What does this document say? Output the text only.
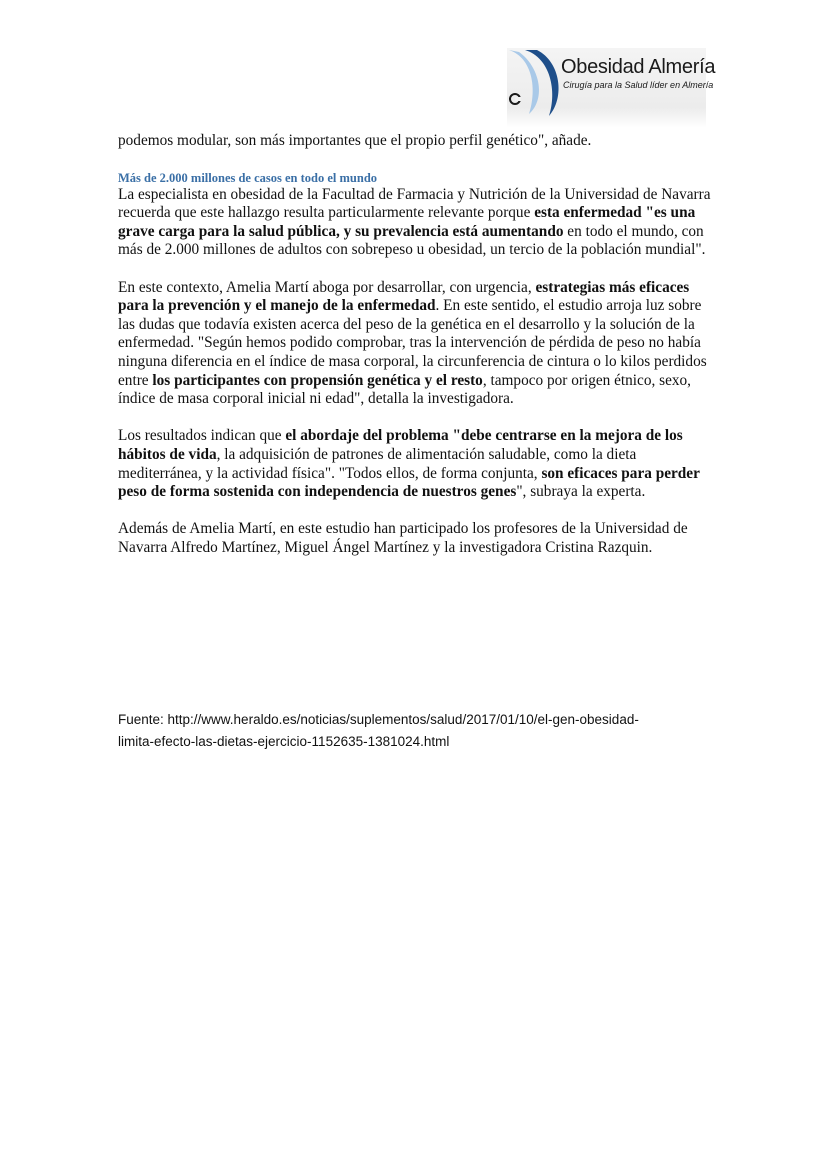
Obesidad Almería
Cirugía para la Salud líder en Almería

podemos modular, son más importantes que el propio perfil genético", añade.

Más de 2.000 millones de casos en todo el mundo

La especialista en obesidad de la Facultad de Farmacia y Nutrición de la Universidad de Navarra recuerda que este hallazgo resulta particularmente relevante porque esta enfermedad "es una grave carga para la salud pública, y su prevalencia está aumentando en todo el mundo, con más de 2.000 millones de adultos con sobrepeso u obesidad, un tercio de la población mundial".

En este contexto, Amelia Martí aboga por desarrollar, con urgencia, estrategias más eficaces para la prevención y el manejo de la enfermedad. En este sentido, el estudio arroja luz sobre las dudas que todavía existen acerca del peso de la genética en el desarrollo y la solución de la enfermedad. "Según hemos podido comprobar, tras la intervención de pérdida de peso no había ninguna diferencia en el índice de masa corporal, la circunferencia de cintura o lo kilos perdidos entre los participantes con propensión genética y el resto, tampoco por origen étnico, sexo, índice de masa corporal inicial ni edad", detalla la investigadora.

Los resultados indican que el abordaje del problema "debe centrarse en la mejora de los hábitos de vida, la adquisición de patrones de alimentación saludable, como la dieta mediterránea, y la actividad física". "Todos ellos, de forma conjunta, son eficaces para perder peso de forma sostenida con independencia de nuestros genes", subraya la experta.

Además de Amelia Martí, en este estudio han participado los profesores de la Universidad de Navarra Alfredo Martínez, Miguel Ángel Martínez y la investigadora Cristina Razquin.

Fuente: http://www.heraldo.es/noticias/suplementos/salud/2017/01/10/el-gen-obesidad-
limita-efecto-las-dietas-ejercicio-1152635-1381024.html
